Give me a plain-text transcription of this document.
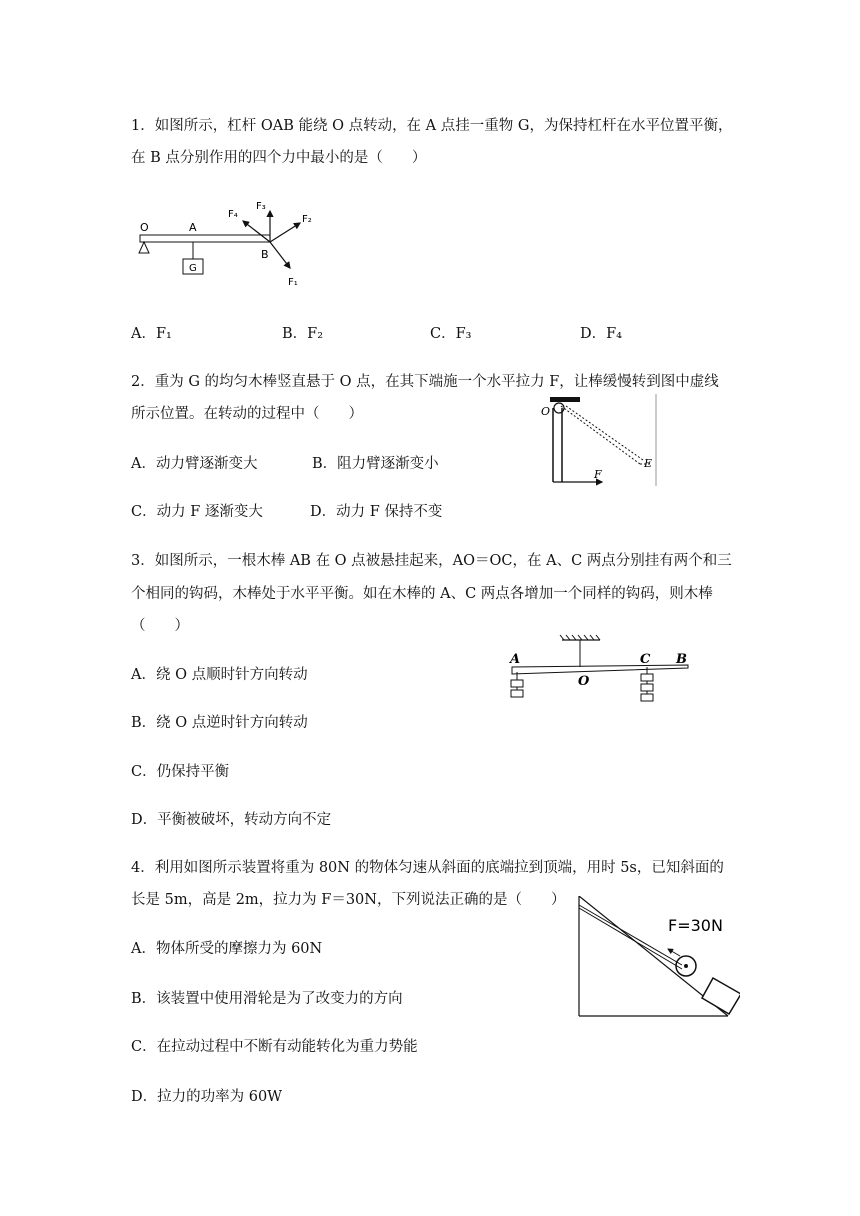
1．如图所示，杠杆 OAB 能绕 O 点转动，在 A 点挂一重物 G，为保持杠杆在水平位置平衡，
在 B 点分别作用的四个力中最小的是（　　）
O	A
G
B
F₄
F₃
F₂
F₁
A．F₁	B．F₂	C．F₃	D．F₄
2．重为 G 的均匀木棒竖直悬于 O 点，在其下端施一个水平拉力 F，让棒缓慢转到图中虚线
所示位置。在转动的过程中（　　）	O
F
E
A．动力臂逐渐变大	B．阻力臂逐渐变小
C．动力 F 逐渐变大	D．动力 F 保持不变
3．如图所示，一根木棒 AB 在 O 点被悬挂起来，AO＝OC，在 A、C 两点分别挂有两个和三
个相同的钩码，木棒处于水平平衡。如在木棒的 A、C 两点各增加一个同样的钩码，则木棒
（　　）
A
O
C B
A．绕 O 点顺时针方向转动
B．绕 O 点逆时针方向转动
C．仍保持平衡
D．平衡被破坏，转动方向不定
4．利用如图所示装置将重为 80N 的物体匀速从斜面的底端拉到顶端，用时 5s，已知斜面的
长是 5m，高是 2m，拉力为 F＝30N，下列说法正确的是（　　）
F=30N
A．物体所受的摩擦力为 60N
B．该装置中使用滑轮是为了改变力的方向
C．在拉动过程中不断有动能转化为重力势能
D．拉力的功率为 60W
